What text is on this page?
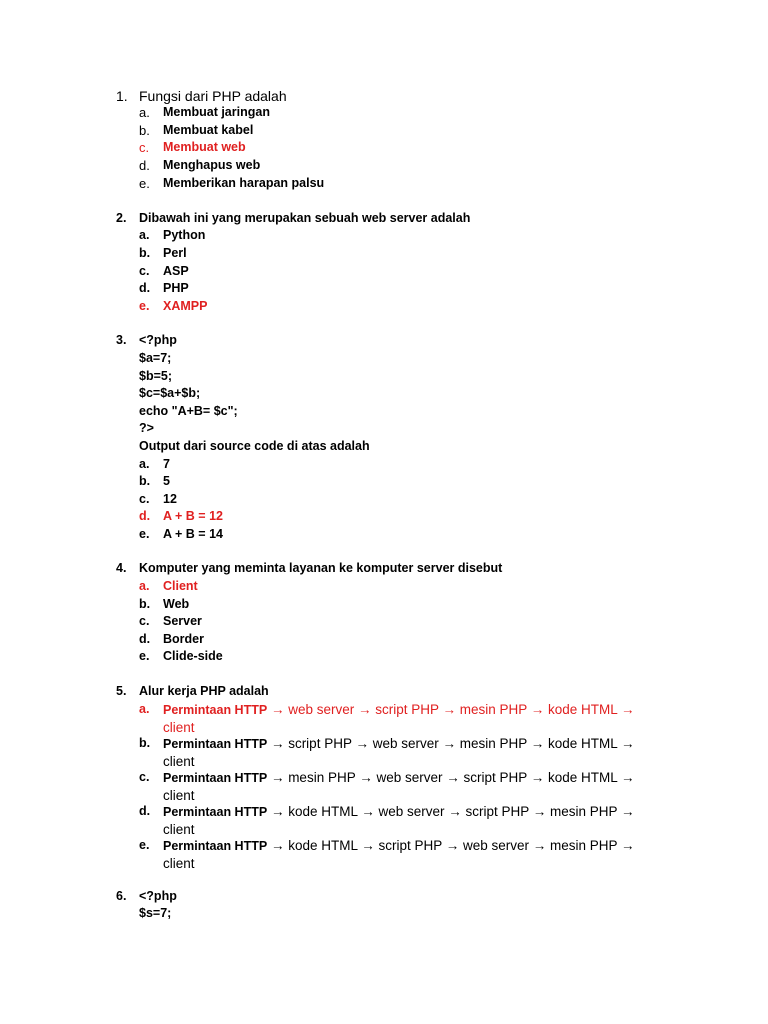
1. Fungsi dari PHP adalah
a.	Membuat jaringan
b.	Membuat kabel
c.	Membuat web
d.	Menghapus web
e.	Memberikan harapan palsu
2.	Dibawah ini yang merupakan sebuah web server adalah
a.	Python
b.	Perl
c.	ASP
d.	PHP
e.	XAMPP
3.	<?php
$a=7;
$b=5;
$c=$a+$b;
echo "A+B= $c";
?>
Output dari source code di atas adalah
a.	7
b.	5
c.	12
d.	A + B = 12
e.	A + B = 14
4.	Komputer yang meminta layanan ke komputer server disebut
a.	Client
b.	Web
c.	Server
d.	Border
e.	Clide-side
5.	Alur kerja PHP adalah
a.	Permintaan HTTP → web server → script PHP → mesin PHP → kode HTML → client
b.	Permintaan HTTP → script PHP → web server → mesin PHP → kode HTML → client
c.	Permintaan HTTP → mesin PHP → web server → script PHP → kode HTML → client
d.	Permintaan HTTP → kode HTML → web server → script PHP → mesin PHP → client
e.	Permintaan HTTP → kode HTML → script PHP → web server → mesin PHP → client
6.	<?php
$s=7;
